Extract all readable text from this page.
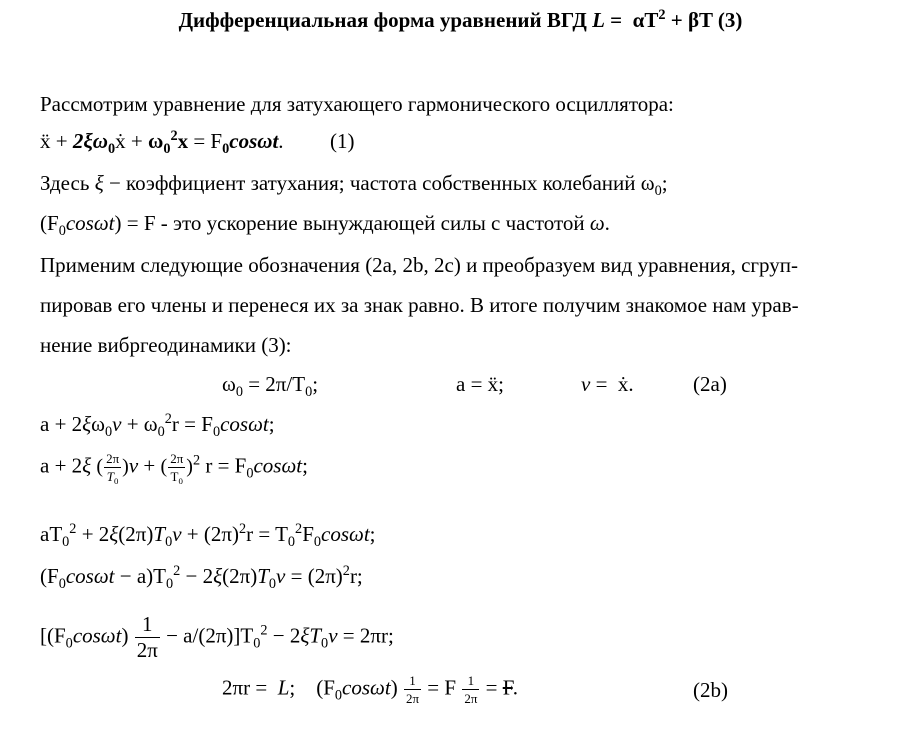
Дифференциальная форма уравнений ВГД $L = \alpha T^2 + \beta T$ (3)
Рассмотрим уравнение для затухающего гармонического осциллятора:
ẍ + $2\xi\omega_0ẋ + \omega_0^2x = F_0\cos\omega t$. (1)
Здесь ξ − коэффициент затухания; частота собственных колебаний $\omega_0$;
$(F_0\cos\omega t) = F$ - это ускорение вынуждающей силы с частотой ω.
Применим следующие обозначения (2а, 2b, 2с) и преобразуем вид уравнения, сгруп-
пировав его члены и перенеся их за знак равно. В итоге получим знакомое нам урав-
нение вибргеодинамики (3):
$\omega_0 = 2\pi/T_0$;	a = ẍ;	v =  ẋ.	(2а)
$a + 2\xi\omega_0v + \omega_0^2r = F_0\cos\omega t$;
a + 2ξ ( $\frac{2\pi}{T_0} )v$ + ( $\frac{2\pi}{T_0} )^2$ $r = F_0\cos\omega t$;
$aT_0^2 + 2\xi(2\pi)T_0v + (2\pi)^2r = T_0^2F_0\cos\omega t$;
$(F_0\cos\omega t - a)T_0^2 - 2\xi(2\pi)T_0v = (2\pi)^2r$;
$[(F_0\cos\omega t) \frac{1}{2\pi} - a/(2\pi)]T_0^2 - 2\xi T_0v = 2\pi r$;
2πr =  L;    $(F_0\cos\omega t) \frac{1}{2\pi} = F \frac{1}{2\pi} = F$.	(2b)
